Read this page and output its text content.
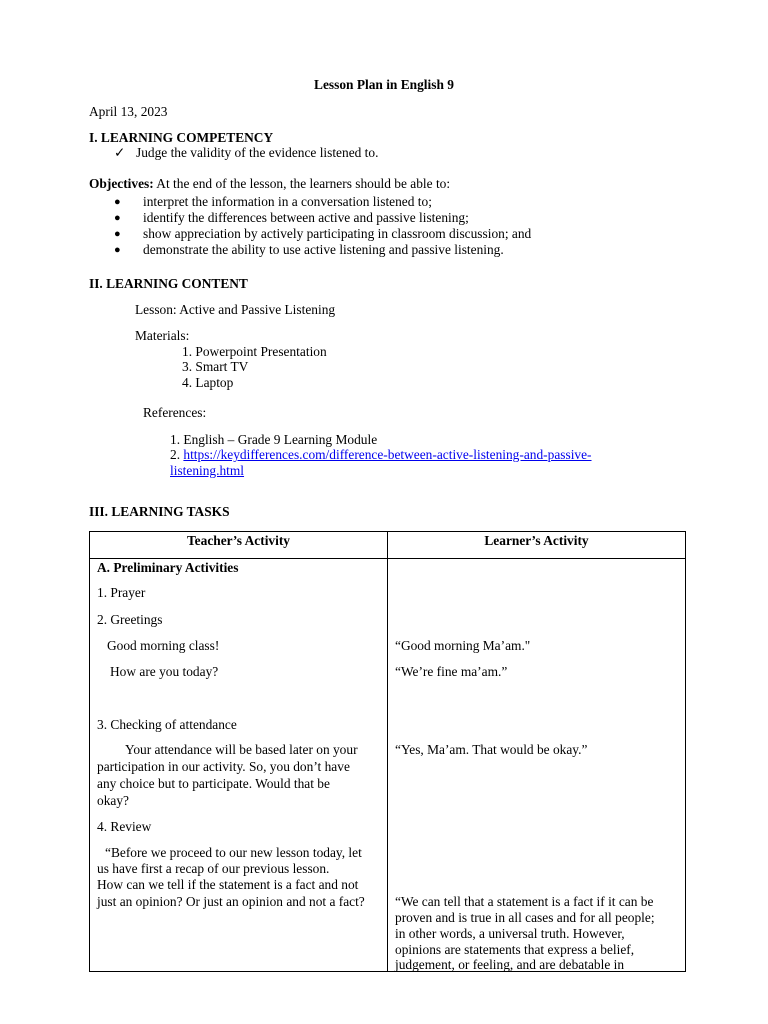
Lesson Plan in English 9
April 13, 2023
I. LEARNING COMPETENCY
✓ Judge the validity of the evidence listened to.
Objectives: At the end of the lesson, the learners should be able to:
● interpret the information in a conversation listened to;
● identify the differences between active and passive listening;
● show appreciation by actively participating in classroom discussion; and
● demonstrate the ability to use active listening and passive listening.
II. LEARNING CONTENT
Lesson: Active and Passive Listening
Materials:
1. Powerpoint Presentation
3. Smart TV
4. Laptop
References:
1. English – Grade 9 Learning Module
2. https://keydifferences.com/difference-between-active-listening-and-passive-
listening.html
III. LEARNING TASKS
Teacher’s Activity	Learner’s Activity
A. Preliminary Activities
1. Prayer
2. Greetings
Good morning class!
How are you today?
3. Checking of attendance
Your attendance will be based later on your
participation in our activity. So, you don’t have
any choice but to participate. Would that be
okay?
4. Review
“Before we proceed to our new lesson today, let
us have first a recap of our previous lesson.
How can we tell if the statement is a fact and not
just an opinion? Or just an opinion and not a fact?
“Good morning Ma’am."
“We’re fine ma’am.”
“Yes, Ma’am. That would be okay.”
“We can tell that a statement is a fact if it can be
proven and is true in all cases and for all people;
in other words, a universal truth. However,
opinions are statements that express a belief,
judgement, or feeling, and are debatable in
